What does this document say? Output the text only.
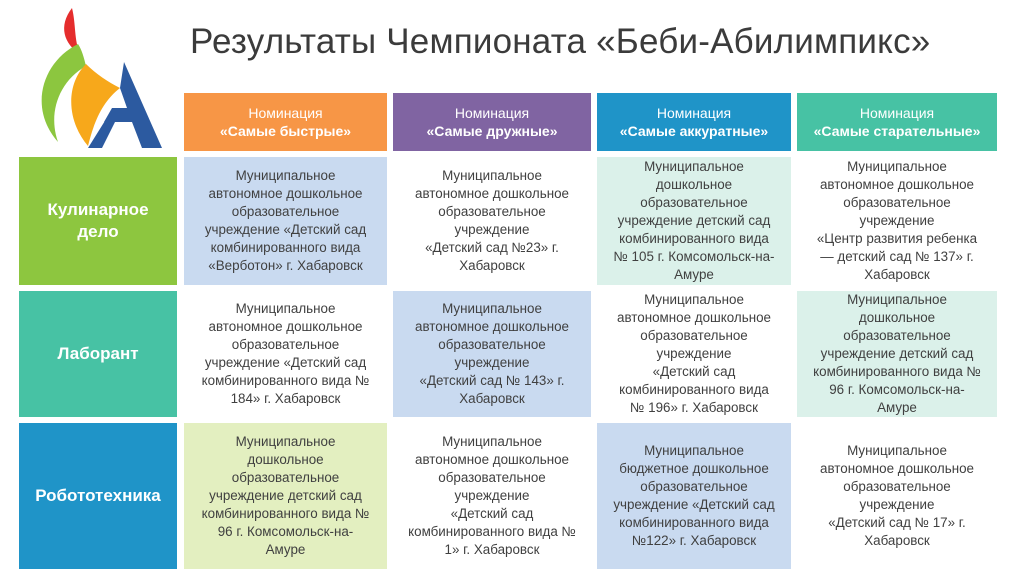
Результаты Чемпионата «Беби-Абилимпикс»
Номинация
«Самые быстрые»
Номинация
«Самые дружные»
Номинация
«Самые аккуратные»
Номинация
«Самые старательные»
Кулинарное дело
Лаборант
Робототехника
Муниципальное
автономное дошкольное
образовательное
учреждение «Детский сад
комбинированного вида
«Верботон» г. Хабаровск
Муниципальное
автономное дошкольное
образовательное
учреждение
«Детский сад №23» г.
Хабаровск
Муниципальное
дошкольное
образовательное
учреждение детский сад
комбинированного вида
№ 105 г. Комсомольск-на-
Амуре
Муниципальное
автономное дошкольное
образовательное
учреждение
«Центр развития ребенка
— детский сад № 137» г.
Хабаровск
Муниципальное
автономное дошкольное
образовательное
учреждение «Детский сад
комбинированного вида №
184» г. Хабаровск
Муниципальное
автономное дошкольное
образовательное
учреждение
«Детский сад № 143» г.
Хабаровск
Муниципальное
автономное дошкольное
образовательное
учреждение
«Детский сад
комбинированного вида
№ 196» г. Хабаровск
Муниципальное
дошкольное
образовательное
учреждение детский сад
комбинированного вида №
96 г. Комсомольск-на-
Амуре
Муниципальное
дошкольное
образовательное
учреждение детский сад
комбинированного вида №
96 г. Комсомольск-на-
Амуре
Муниципальное
автономное дошкольное
образовательное
учреждение
«Детский сад
комбинированного вида №
1» г. Хабаровск
Муниципальное
бюджетное дошкольное
образовательное
учреждение «Детский сад
комбинированного вида
№122» г. Хабаровск
Муниципальное
автономное дошкольное
образовательное
учреждение
«Детский сад № 17» г.
Хабаровск
